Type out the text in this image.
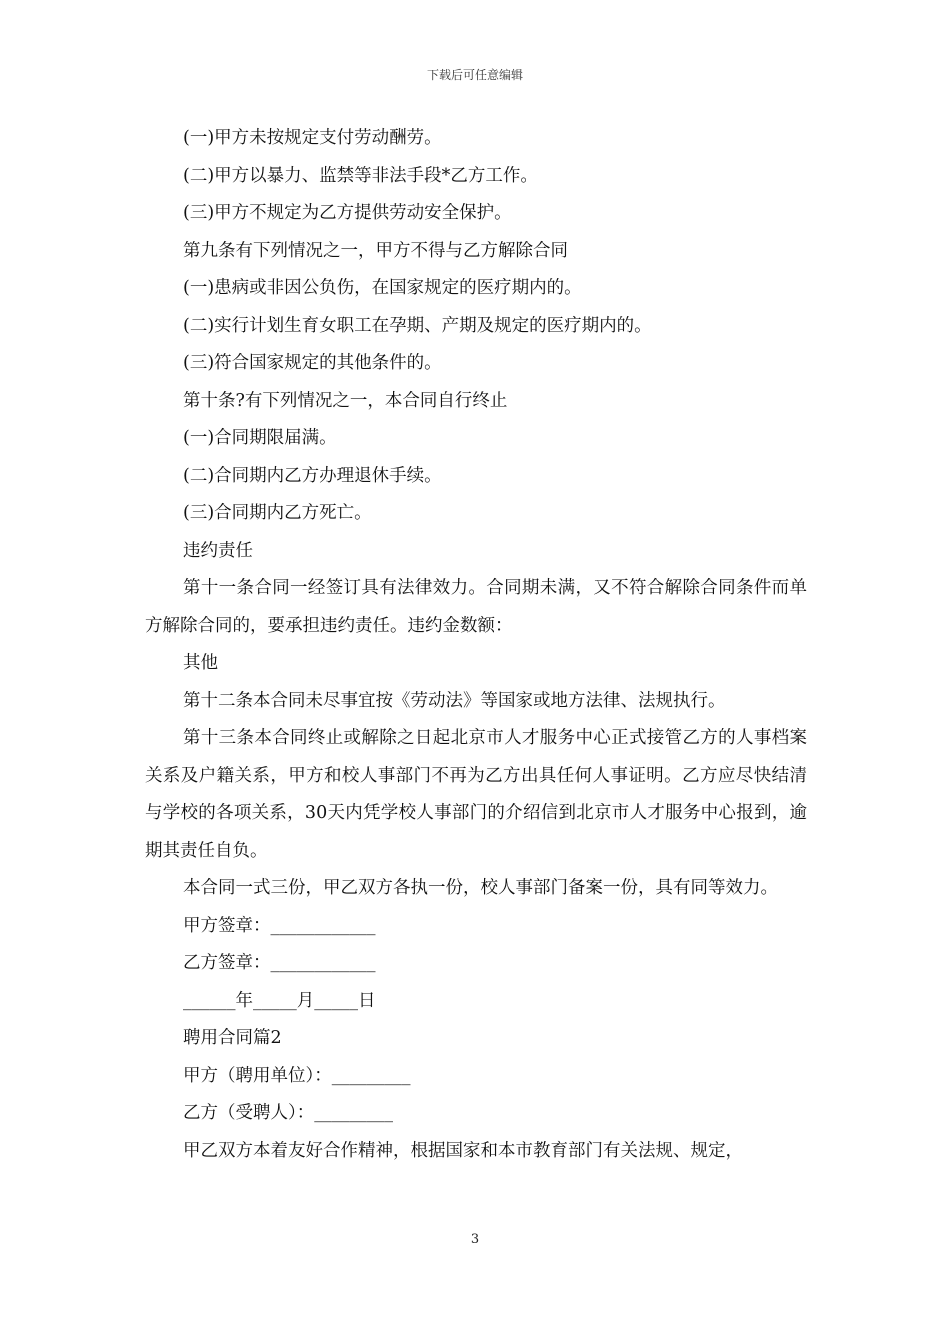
下载后可任意编辑

(一)甲方未按规定支付劳动酬劳。

(二)甲方以暴力、监禁等非法手段*乙方工作。

(三)甲方不规定为乙方提供劳动安全保护。

第九条有下列情况之一，甲方不得与乙方解除合同

(一)患病或非因公负伤，在国家规定的医疗期内的。

(二)实行计划生育女职工在孕期、产期及规定的医疗期内的。

(三)符合国家规定的其他条件的。

第十条?有下列情况之一，本合同自行终止

(一)合同期限届满。

(二)合同期内乙方办理退休手续。

(三)合同期内乙方死亡。

违约责任

第十一条合同一经签订具有法律效力。合同期未满，又不符合解除合同条件而单方解除合同的，要承担违约责任。违约金数额：

其他

第十二条本合同未尽事宜按《劳动法》等国家或地方法律、法规执行。

第十三条本合同终止或解除之日起北京市人才服务中心正式接管乙方的人事档案关系及户籍关系，甲方和校人事部门不再为乙方出具任何人事证明。乙方应尽快结清与学校的各项关系，30天内凭学校人事部门的介绍信到北京市人才服务中心报到，逾期其责任自负。

本合同一式三份，甲乙双方各执一份，校人事部门备案一份，具有同等效力。

甲方签章：____________

乙方签章：____________

______年_____月_____日

聘用合同篇2

甲方（聘用单位）：_________

乙方（受聘人）：_________

甲乙双方本着友好合作精神，根据国家和本市教育部门有关法规、规定，

3
